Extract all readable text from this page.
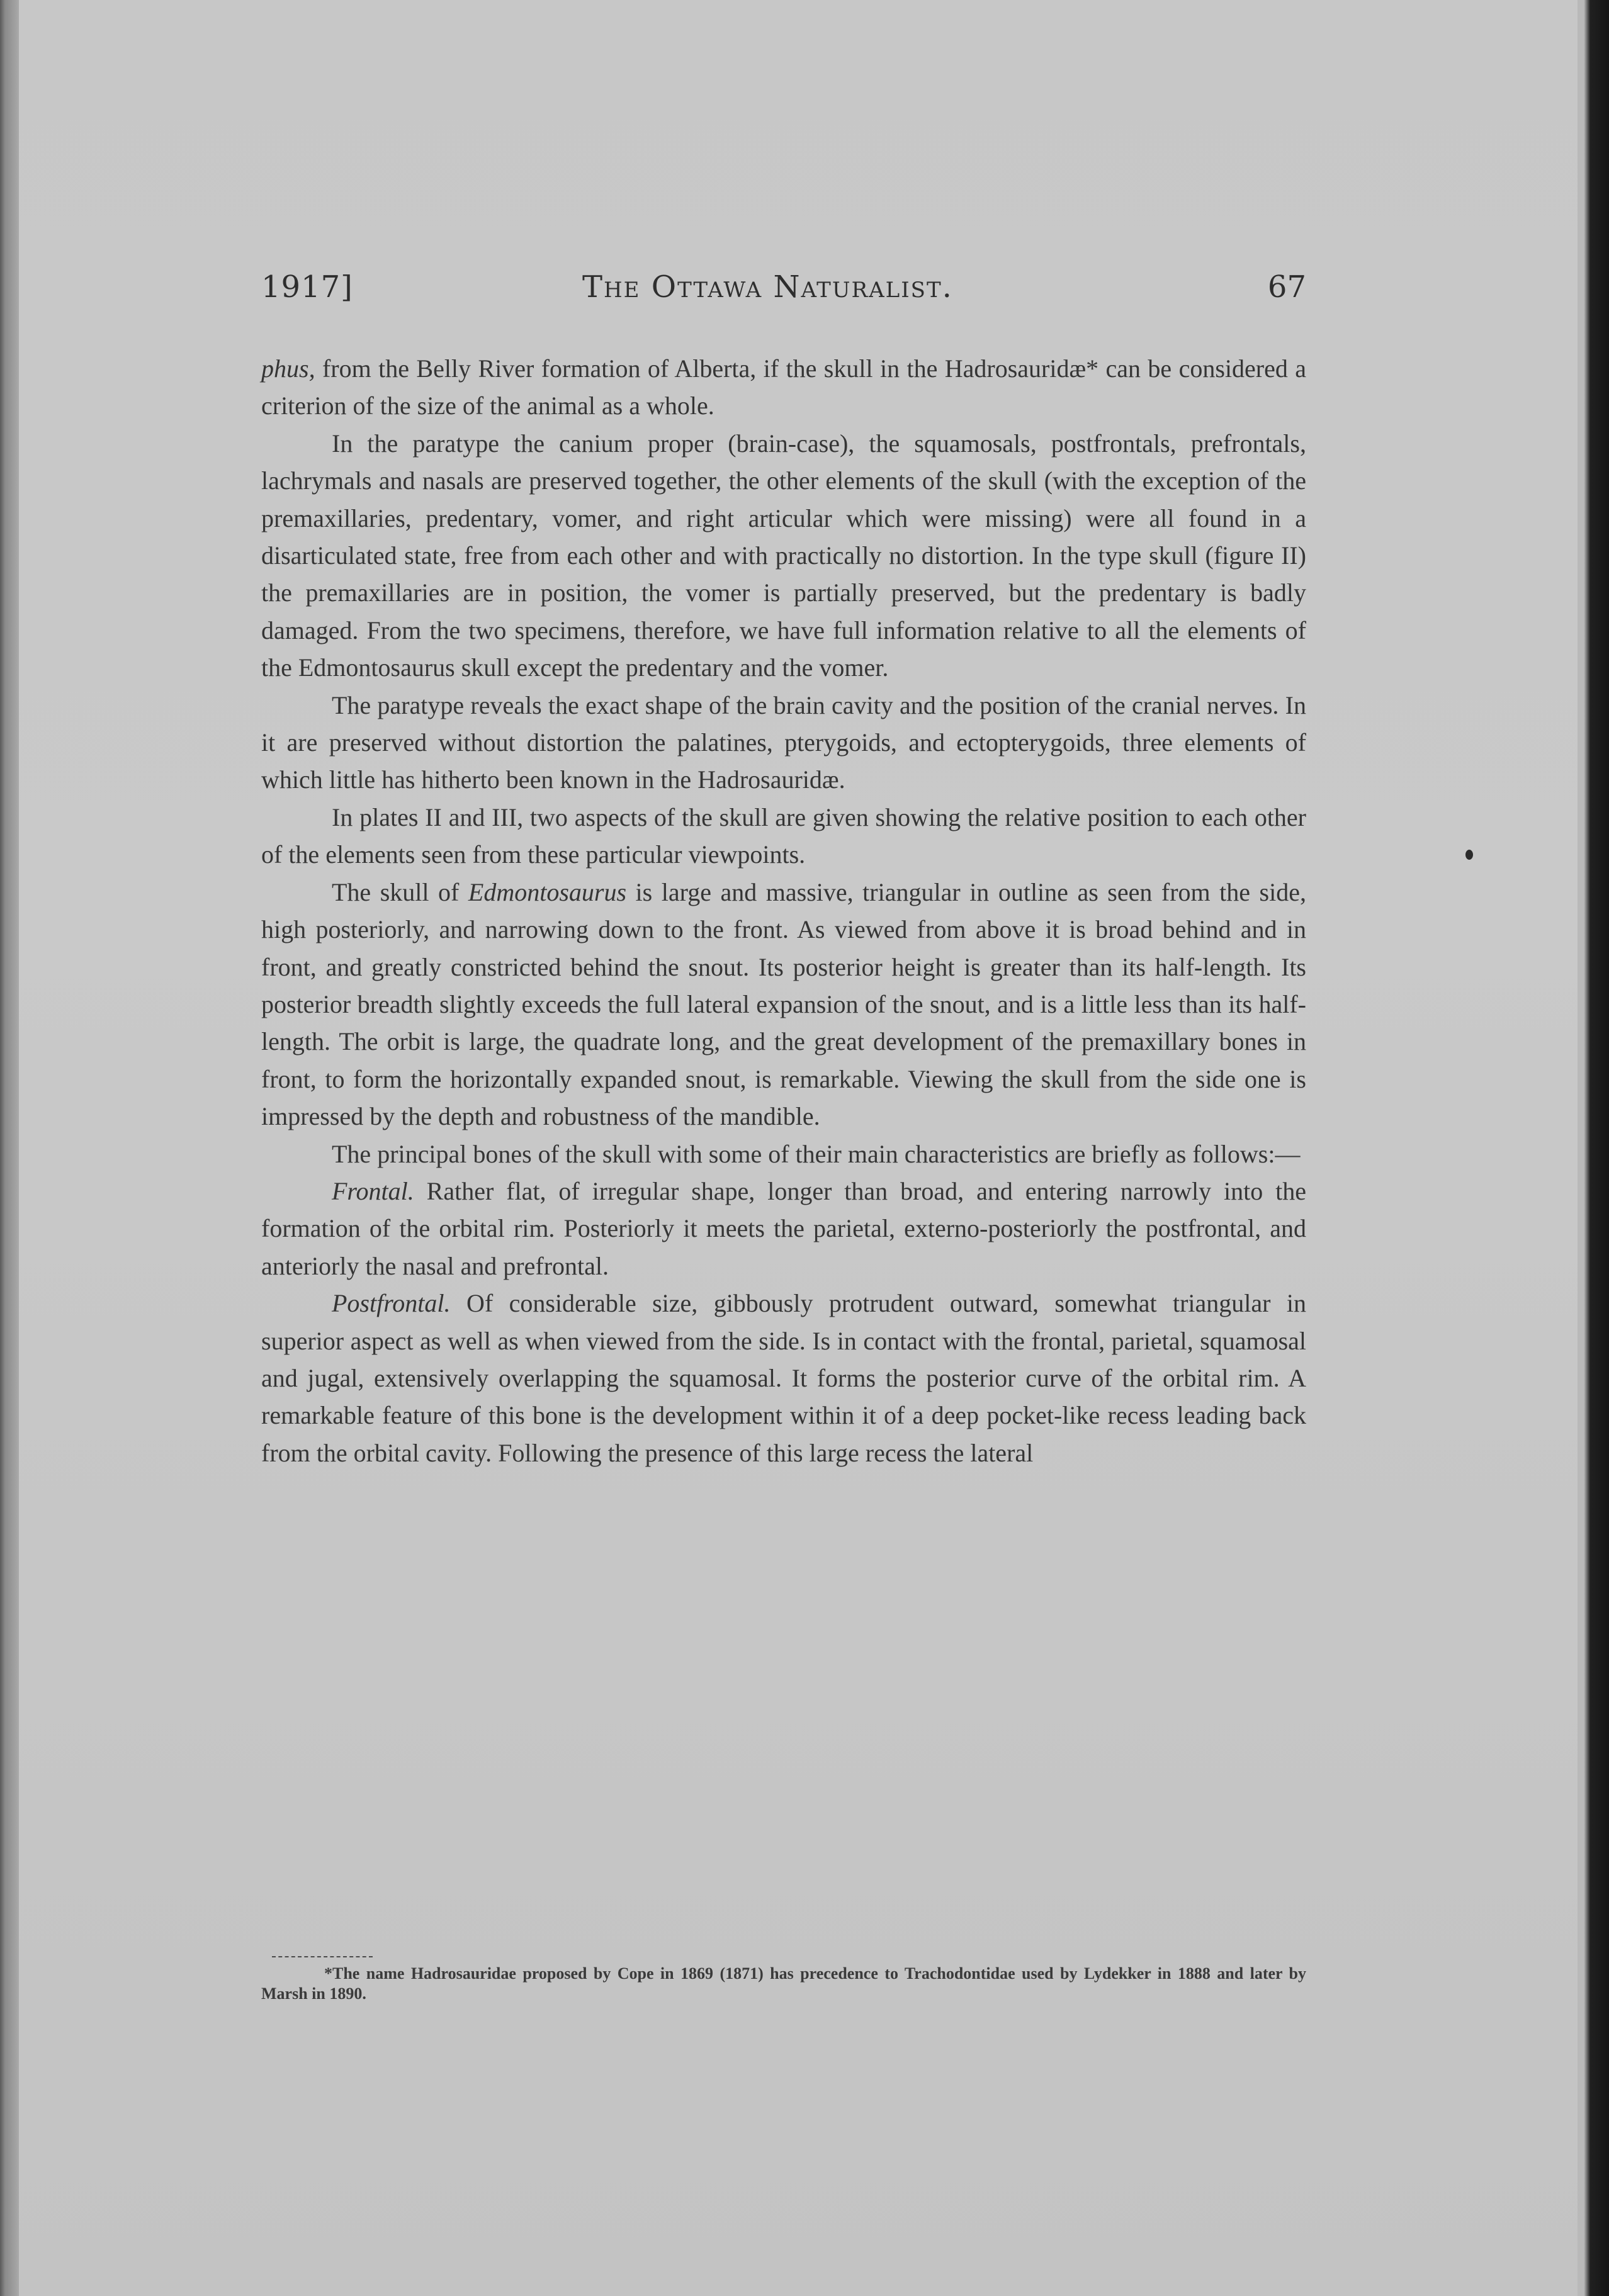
1917]	The Ottawa Naturalist.	67

phus, from the Belly River formation of Alberta, if the skull in the Hadrosauridæ* can be considered a criterion of the size of the animal as a whole.

In the paratype the canium proper (brain-case), the squamosals, postfrontals, prefrontals, lachrymals and nasals are preserved together, the other elements of the skull (with the exception of the premaxillaries, predentary, vomer, and right articular which were missing) were all found in a disarticulated state, free from each other and with practically no distortion. In the type skull (figure II) the premaxillaries are in position, the vomer is partially preserved, but the predentary is badly damaged. From the two specimens, therefore, we have full information relative to all the elements of the Edmontosaurus skull except the predentary and the vomer.

The paratype reveals the exact shape of the brain cavity and the position of the cranial nerves. In it are preserved without distortion the palatines, pterygoids, and ectopterygoids, three elements of which little has hitherto been known in the Hadrosauridæ.

In plates II and III, two aspects of the skull are given showing the relative position to each other of the elements seen from these particular viewpoints.

The skull of Edmontosaurus is large and massive, triangular in outline as seen from the side, high posteriorly, and narrowing down to the front. As viewed from above it is broad behind and in front, and greatly constricted behind the snout. Its posterior height is greater than its half-length. Its posterior breadth slightly exceeds the full lateral expansion of the snout, and is a little less than its half-length. The orbit is large, the quadrate long, and the great development of the premaxillary bones in front, to form the horizontally expanded snout, is remarkable. Viewing the skull from the side one is impressed by the depth and robustness of the mandible.

The principal bones of the skull with some of their main characteristics are briefly as follows:—

Frontal. Rather flat, of irregular shape, longer than broad, and entering narrowly into the formation of the orbital rim. Posteriorly it meets the parietal, externo-posteriorly the postfrontal, and anteriorly the nasal and prefrontal.

Postfrontal. Of considerable size, gibbously protrudent outward, somewhat triangular in superior aspect as well as when viewed from the side. Is in contact with the frontal, parietal, squamosal and jugal, extensively overlapping the squamosal. It forms the posterior curve of the orbital rim. A remarkable feature of this bone is the development within it of a deep pocket-like recess leading back from the orbital cavity. Following the presence of this large recess the lateral

*The name Hadrosauridae proposed by Cope in 1869 (1871) has precedence to Trachodontidae used by Lydekker in 1888 and later by Marsh in 1890.
